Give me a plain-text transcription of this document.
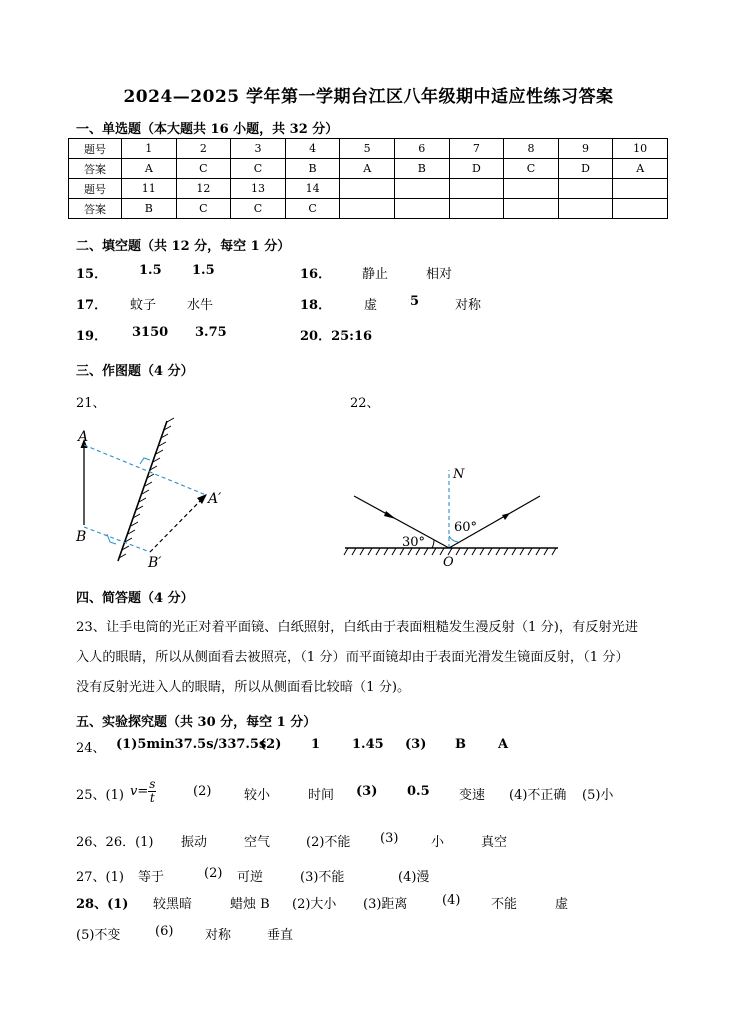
2024—2025 学年第一学期台江区八年级期中适应性练习答案
一、单选题（本大题共 16 小题，共 32 分）
题号	1	2	3	4	5	6	7	8	9	10
答案	A	C	C	B	A	B	D	C	D	A
题号	11	12	13	14						
答案	B	C	C	C						
二、填空题（共 12 分，每空 1 分）
15． 1.5 1.5	16． 静止	相对
17． 蚊子 水牛	18．	虚	5	对称
19． 3150 3.75	20．25:16
三、作图题（4 分）
21、	22、
A
B
A′
B′
N
O
30°
60°
四、简答题（4 分）
23、让手电筒的光正对着平面镜、白纸照射，白纸由于表面粗糙发生漫反射（1 分)，有反射光进
入人的眼睛，所以从侧面看去被照亮，（1 分）而平面镜却由于表面光滑发生镜面反射，（1 分）
没有反射光进入人的眼睛，所以从侧面看比较暗（1 分)。
五、实验探究题（共 30 分，每空 1 分）
24、 (1)5min37.5s/337.5s
(2) 1 1.45 (3) B A
25、(1) $v= \frac{s}{t}$	(2)	较小	时间 (3) 0.5 变速 (4)不正确 (5)小
26、26．(1) 振动	空气	(2)不能 (3)	小	真空
27、(1) 等于	(2) 可逆	(3)不能	(4)漫
28、(1) 较黑暗	蜡烛 B (2)大小 (3)距离	(4) 不能	虚
(5)不变	(6) 对称	垂直
